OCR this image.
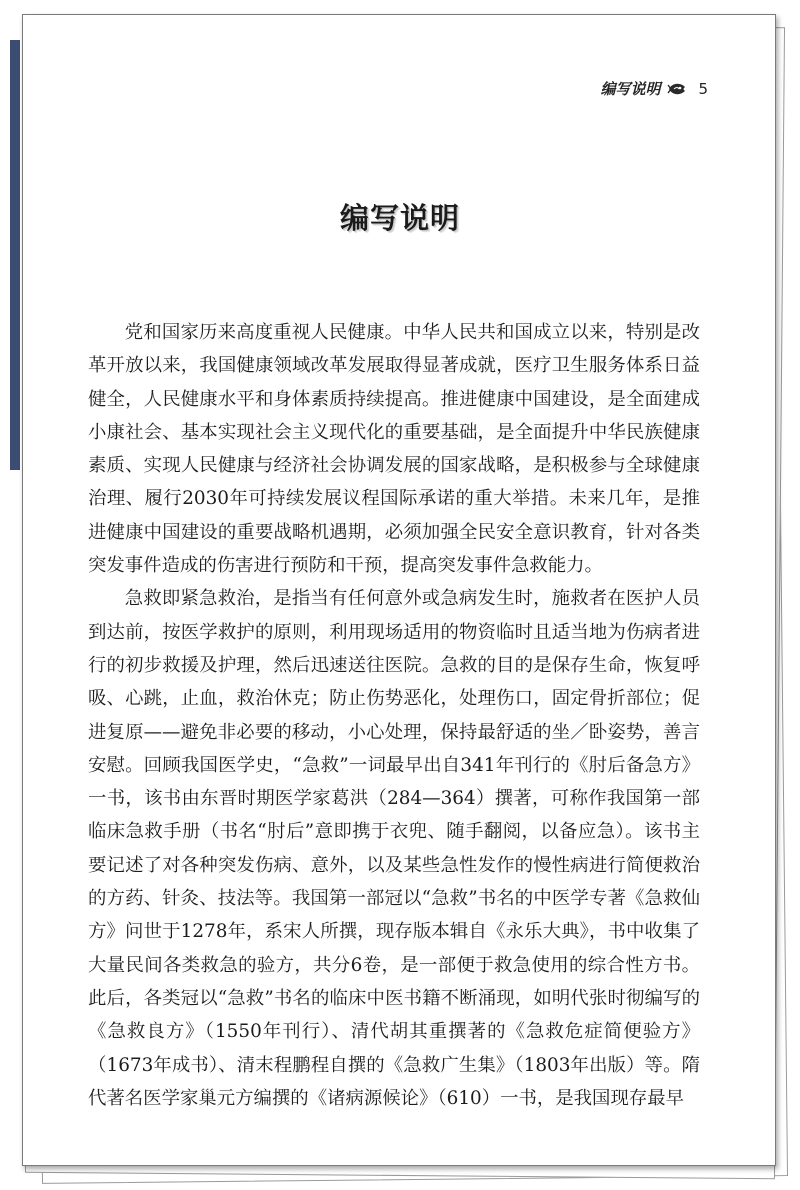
编写说明	5
编写说明

党和国家历来高度重视人民健康。中华人民共和国成立以来，特别是改革开放以来，我国健康领域改革发展取得显著成就，医疗卫生服务体系日益健全，人民健康水平和身体素质持续提高。推进健康中国建设，是全面建成小康社会、基本实现社会主义现代化的重要基础，是全面提升中华民族健康素质、实现人民健康与经济社会协调发展的国家战略，是积极参与全球健康治理、履行2030年可持续发展议程国际承诺的重大举措。未来几年，是推进健康中国建设的重要战略机遇期，必须加强全民安全意识教育，针对各类突发事件造成的伤害进行预防和干预，提高突发事件急救能力。

急救即紧急救治，是指当有任何意外或急病发生时，施救者在医护人员到达前，按医学救护的原则，利用现场适用的物资临时且适当地为伤病者进行的初步救援及护理，然后迅速送往医院。急救的目的是保存生命，恢复呼吸、心跳，止血，救治休克；防止伤势恶化，处理伤口，固定骨折部位；促进复原——避免非必要的移动，小心处理，保持最舒适的坐／卧姿势，善言安慰。回顾我国医学史，“急救”一词最早出自341年刊行的《肘后备急方》一书，该书由东晋时期医学家葛洪（284—364）撰著，可称作我国第一部临床急救手册（书名“肘后”意即携于衣兜、随手翻阅，以备应急）。该书主要记述了对各种突发伤病、意外，以及某些急性发作的慢性病进行简便救治的方药、针灸、技法等。我国第一部冠以“急救”书名的中医学专著《急救仙方》问世于1278年，系宋人所撰，现存版本辑自《永乐大典》，书中收集了大量民间各类救急的验方，共分6卷，是一部便于救急使用的综合性方书。此后，各类冠以“急救”书名的临床中医书籍不断涌现，如明代张时彻编写的《急救良方》（1550年刊行）、清代胡其重撰著的《急救危症简便验方》（1673年成书）、清末程鹏程自撰的《急救广生集》（1803年出版）等。隋代著名医学家巢元方编撰的《诸病源候论》（610）一书，是我国现存最早
